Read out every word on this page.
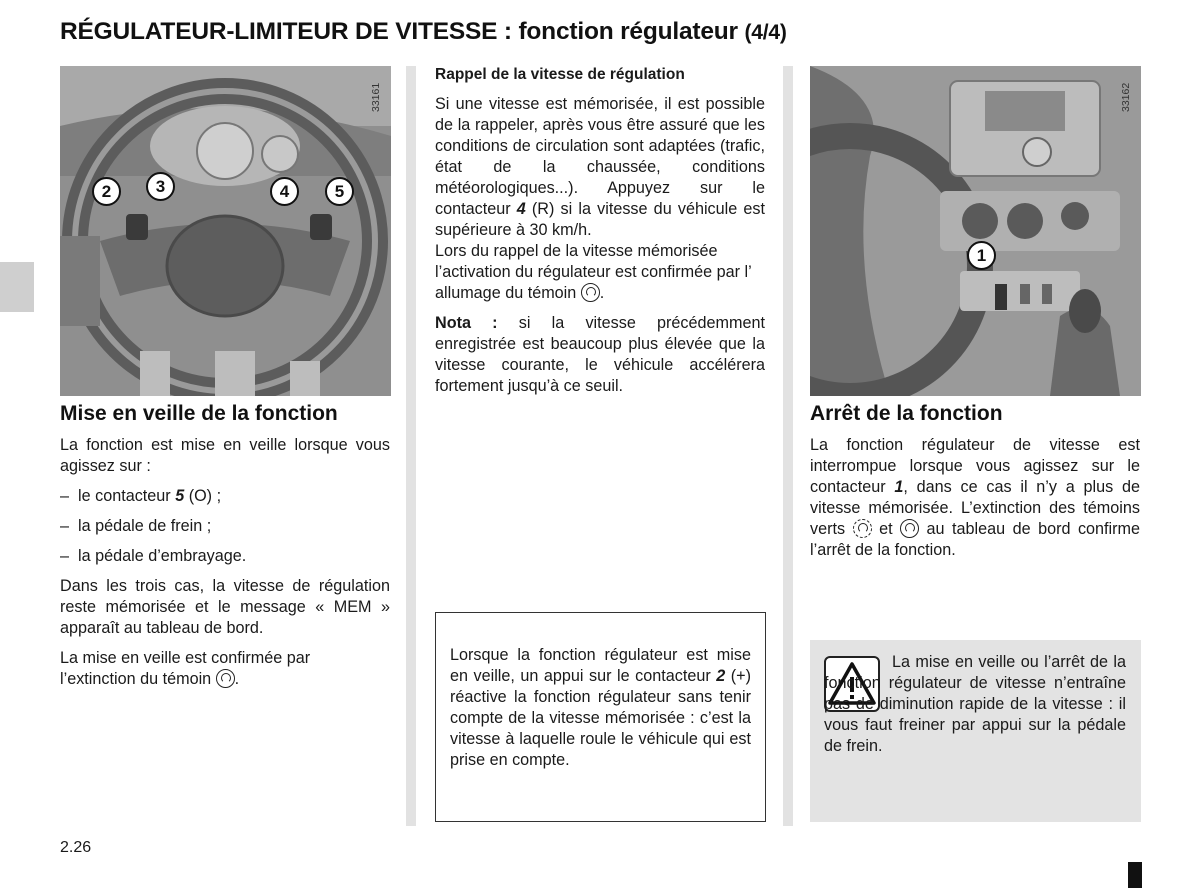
RÉGULATEUR-LIMITEUR DE VITESSE : fonction régulateur (4/4)
33161
2	3	4	5
Mise en veille de la fonction

La fonction est mise en veille lorsque vous agissez sur :

–  le contacteur 5 (O) ;
–  la pédale de frein ;
–  la pédale d’embrayage.

Dans les trois cas, la vitesse de régulation reste mémorisée et le message « MEM » apparaît au tableau de bord.

La mise en veille est confirmée par l’extinction du témoin .

Rappel de la vitesse de régulation

Si une vitesse est mémorisée, il est possible de la rappeler, après vous être assuré que les conditions de circulation sont adaptées (trafic, état de la chaussée, conditions météorologiques...). Appuyez sur le contacteur 4 (R) si la vitesse du véhicule est supérieure à 30 km/h.

Lors du rappel de la vitesse mémorisée l’activation du régulateur est confirmée par l’ allumage du témoin .

Nota : si la vitesse précédemment enregistrée est beaucoup plus élevée que la vitesse courante, le véhicule accélérera fortement jusqu’à ce seuil.

Lorsque la fonction régulateur est mise en veille, un appui sur le contacteur 2 (+) réactive la fonction régulateur sans tenir compte de la vitesse mémorisée : c’est la vitesse à laquelle roule le véhicule qui est prise en compte.

33162
1
Arrêt de la fonction

La fonction régulateur de vitesse est interrompue lorsque vous agissez sur le contacteur 1, dans ce cas il n’y a plus de vitesse mémorisée. L’extinction des témoins verts et au tableau de bord confirme l’arrêt de la fonction.

La mise en veille ou l’arrêt de la fonction régulateur de vitesse n’entraîne pas de diminution rapide de la vitesse : il vous faut freiner par appui sur la pédale de frein.

2.26
